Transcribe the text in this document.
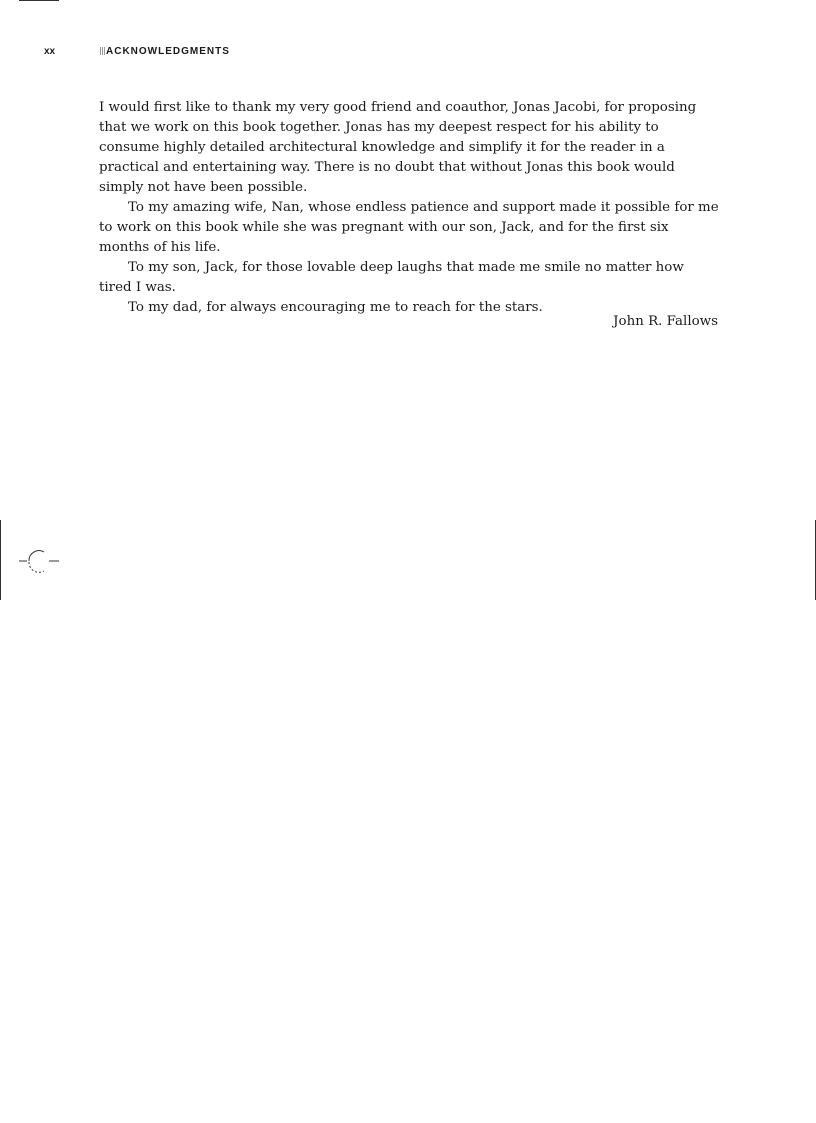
xx	ACKNOWLEDGMENTS

I would first like to thank my very good friend and coauthor, Jonas Jacobi, for proposing that we work on this book together. Jonas has my deepest respect for his ability to consume highly detailed architectural knowledge and simplify it for the reader in a practical and entertaining way. There is no doubt that without Jonas this book would simply not have been possible.

To my amazing wife, Nan, whose endless patience and support made it possible for me to work on this book while she was pregnant with our son, Jack, and for the first six months of his life.

To my son, Jack, for those lovable deep laughs that made me smile no matter how tired I was.

To my dad, for always encouraging me to reach for the stars.

John R. Fallows
